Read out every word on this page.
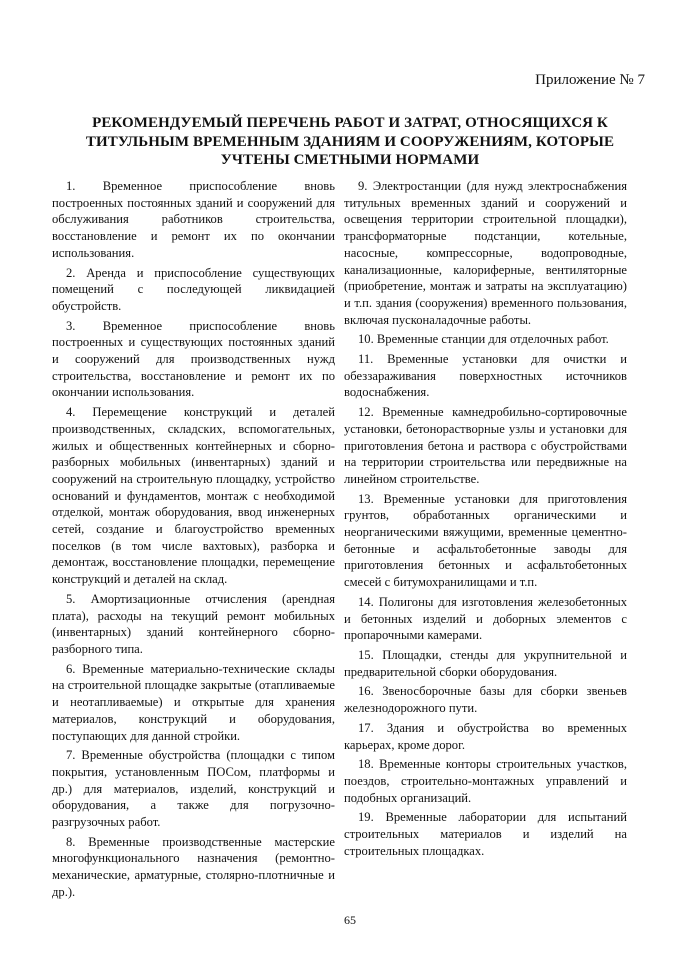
Приложение № 7
РЕКОМЕНДУЕМЫЙ ПЕРЕЧЕНЬ РАБОТ И ЗАТРАТ, ОТНОСЯЩИХСЯ К ТИТУЛЬНЫМ ВРЕМЕННЫМ ЗДАНИЯМ И СООРУЖЕНИЯМ, КОТОРЫЕ УЧТЕНЫ СМЕТНЫМИ НОРМАМИ

1. Временное приспособление вновь построенных постоянных зданий и сооружений для обслуживания работников строительства, восстановление и ремонт их по окончании использования.

2. Аренда и приспособление существующих помещений с последующей ликвидацией обустройств.

3. Временное приспособление вновь построенных и существующих постоянных зданий и сооружений для производственных нужд строительства, восстановление и ремонт их по окончании использования.

4. Перемещение конструкций и деталей производственных, складских, вспомогательных, жилых и общественных контейнерных и сборно-разборных мобильных (инвентарных) зданий и сооружений на строительную площадку, устройство оснований и фундаментов, монтаж с необходимой отделкой, монтаж оборудования, ввод инженерных сетей, создание и благоустройство временных поселков (в том числе вахтовых), разборка и демонтаж, восстановление площадки, перемещение конструкций и деталей на склад.

5. Амортизационные отчисления (арендная плата), расходы на текущий ремонт мобильных (инвентарных) зданий контейнерного сборно-разборного типа.

6. Временные материально-технические склады на строительной площадке закрытые (отапливаемые и неотапливаемые) и открытые для хранения материалов, конструкций и оборудования, поступающих для данной стройки.

7. Временные обустройства (площадки с типом покрытия, установленным ПОСом, платформы и др.) для материалов, изделий, конструкций и оборудования, а также для погрузочно-разгрузочных работ.

8. Временные производственные мастерские многофункционального назначения (ремонтно-механические, арматурные, столярно-плотничные и др.).

9. Электростанции (для нужд электроснабжения титульных временных зданий и сооружений и освещения территории строительной площадки), трансформаторные подстанции, котельные, насосные, компрессорные, водопроводные, канализационные, калориферные, вентиляторные (приобретение, монтаж и затраты на эксплуатацию) и т.п. здания (сооружения) временного пользования, включая пусконаладочные работы.

10. Временные станции для отделочных работ.

11. Временные установки для очистки и обеззараживания поверхностных источников водоснабжения.

12. Временные камнедробильно-сортировочные установки, бетонорастворные узлы и установки для приготовления бетона и раствора с обустройствами на территории строительства или передвижные на линейном строительстве.

13. Временные установки для приготовления грунтов, обработанных органическими и неорганическими вяжущими, временные цементно-бетонные и асфальтобетонные заводы для приготовления бетонных и асфальтобетонных смесей с битумохранилищами и т.п.

14. Полигоны для изготовления железобетонных и бетонных изделий и доборных элементов с пропарочными камерами.

15. Площадки, стенды для укрупнительной и предварительной сборки оборудования.

16. Звеносборочные базы для сборки звеньев железнодорожного пути.

17. Здания и обустройства во временных карьерах, кроме дорог.

18. Временные конторы строительных участков, поездов, строительно-монтажных управлений и подобных организаций.

19. Временные лаборатории для испытаний строительных материалов и изделий на строительных площадках.

65
